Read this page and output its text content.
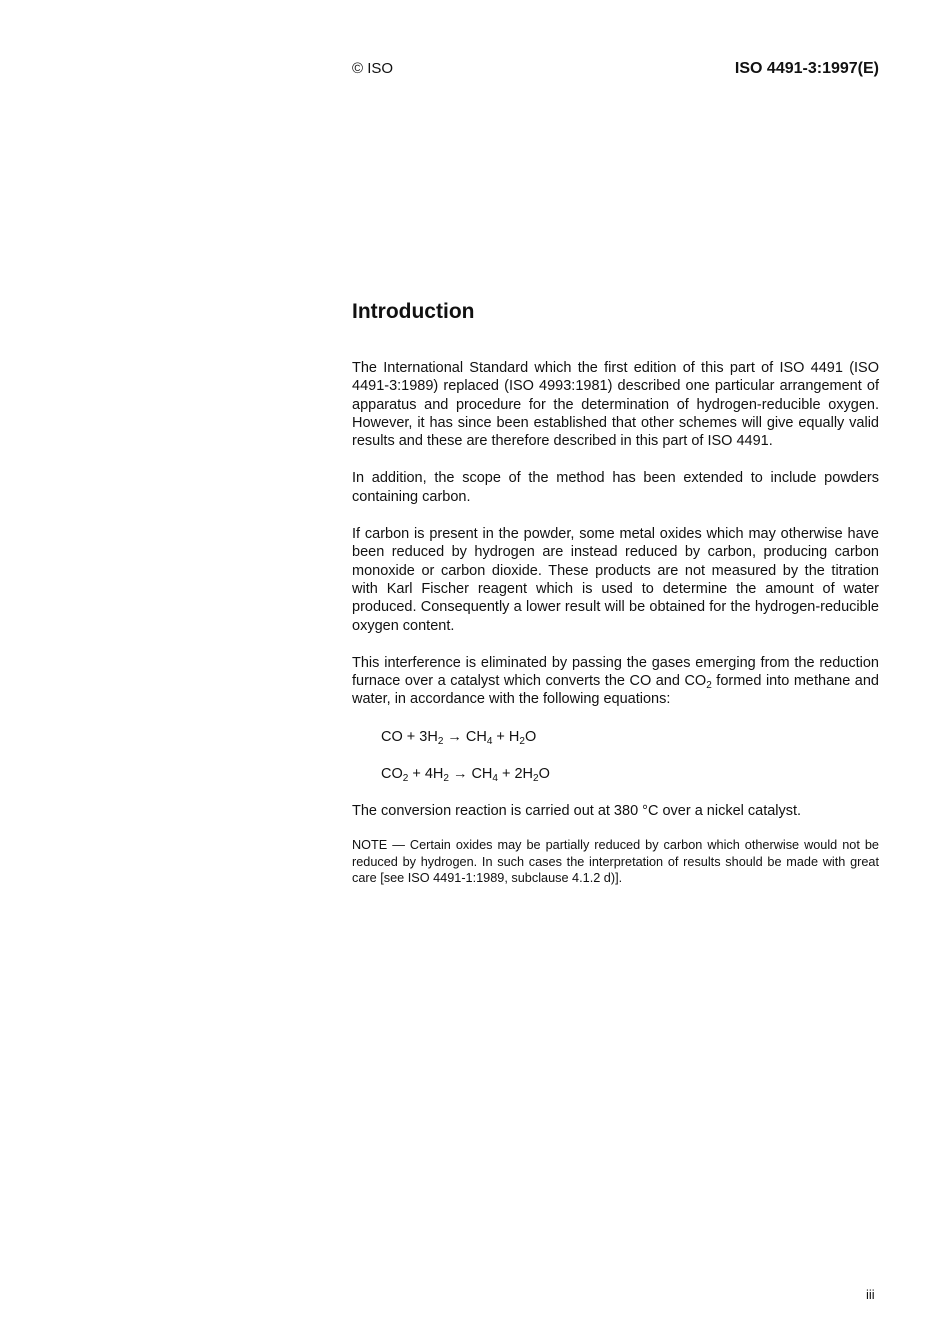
© ISO	ISO 4491-3:1997(E)
Introduction

The International Standard which the first edition of this part of ISO 4491 (ISO 4491-3:1989) replaced (ISO 4993:1981) described one particular arrangement of apparatus and procedure for the determination of hydrogen-reducible oxygen. However, it has since been established that other schemes will give equally valid results and these are therefore described in this part of ISO 4491.

In addition, the scope of the method has been extended to include powders containing carbon.

If carbon is present in the powder, some metal oxides which may otherwise have been reduced by hydrogen are instead reduced by carbon, producing carbon monoxide or carbon dioxide. These products are not measured by the titration with Karl Fischer reagent which is used to determine the amount of water produced. Consequently a lower result will be obtained for the hydrogen-reducible oxygen content.

This interference is eliminated by passing the gases emerging from the reduction furnace over a catalyst which converts the CO and $CO_2$ formed into methane and water, in accordance with the following equations:

CO + $3H_2 \to CH_4 + H_2O$
$CO_2 + 4H_2 \to CH_4 + 2H_2O$

The conversion reaction is carried out at 380 °C over a nickel catalyst.

NOTE — Certain oxides may be partially reduced by carbon which otherwise would not be reduced by hydrogen. In such cases the interpretation of results should be made with great care [see ISO 4491-1:1989, subclause 4.1.2 d)].

iii
